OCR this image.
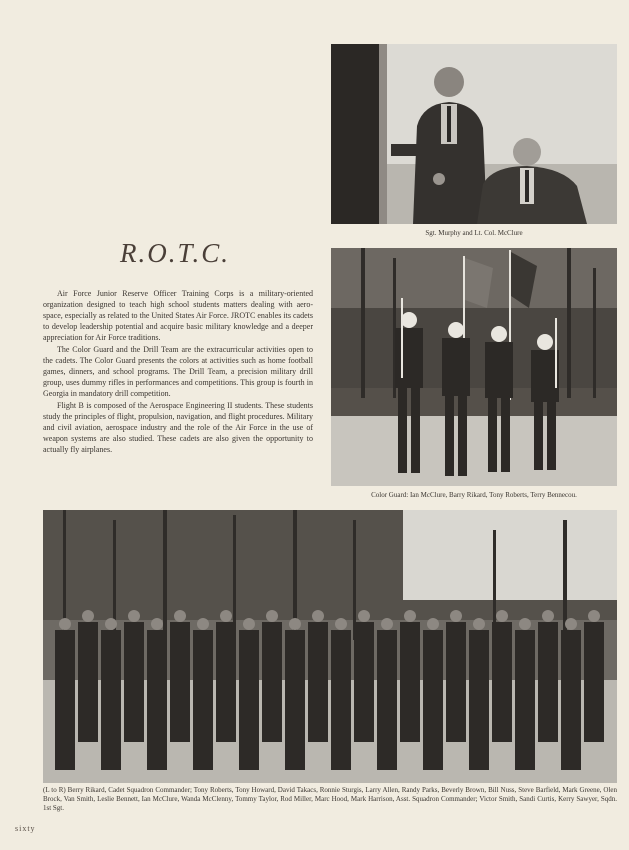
Sgt. Murphy and Lt. Col. McClure
Color Guard: Ian McClure, Barry Rikard, Tony Roberts, Terry Bennecou.
R.O.T.C.

Air Force Junior Reserve Officer Training Corps is a military-oriented organization designed to teach high school students matters dealing with aero-space, especially as related to the United States Air Force. JROTC enables its cadets to develop leadership potential and acquire basic military knowledge and a deeper appreciation for Air Force traditions.

The Color Guard and the Drill Team are the extracurricular activities open to the cadets. The Color Guard presents the colors at activities such as home football games, dinners, and school programs. The Drill Team, a precision military drill group, uses dummy rifles in performances and competitions. This group is fourth in Georgia in mandatory drill competition.

Flight B is composed of the Aerospace Engineering II students. These students study the principles of flight, propulsion, navigation, and flight procedures. Military and civil aviation, aerospace industry and the role of the Air Force in the use of weapon systems are also studied. These cadets are also given the opportunity to actually fly airplanes.

(L to R) Berry Rikard, Cadet Squadron Commander; Tony Roberts, Tony Howard, David Takacs, Ronnie Sturgis, Larry Allen, Randy Parks, Beverly Brown, Bill Nuss, Steve Barfield, Mark Greene, Olen Brock, Van Smith, Leslie Bennett, Ian McClure, Wanda McClenny, Tommy Taylor, Rod Miller, Marc Hood, Mark Harrison, Asst. Squadron Commander; Victor Smith, Sandi Curtis, Kerry Sawyer, Sqdn. 1st Sgt.
sixty
